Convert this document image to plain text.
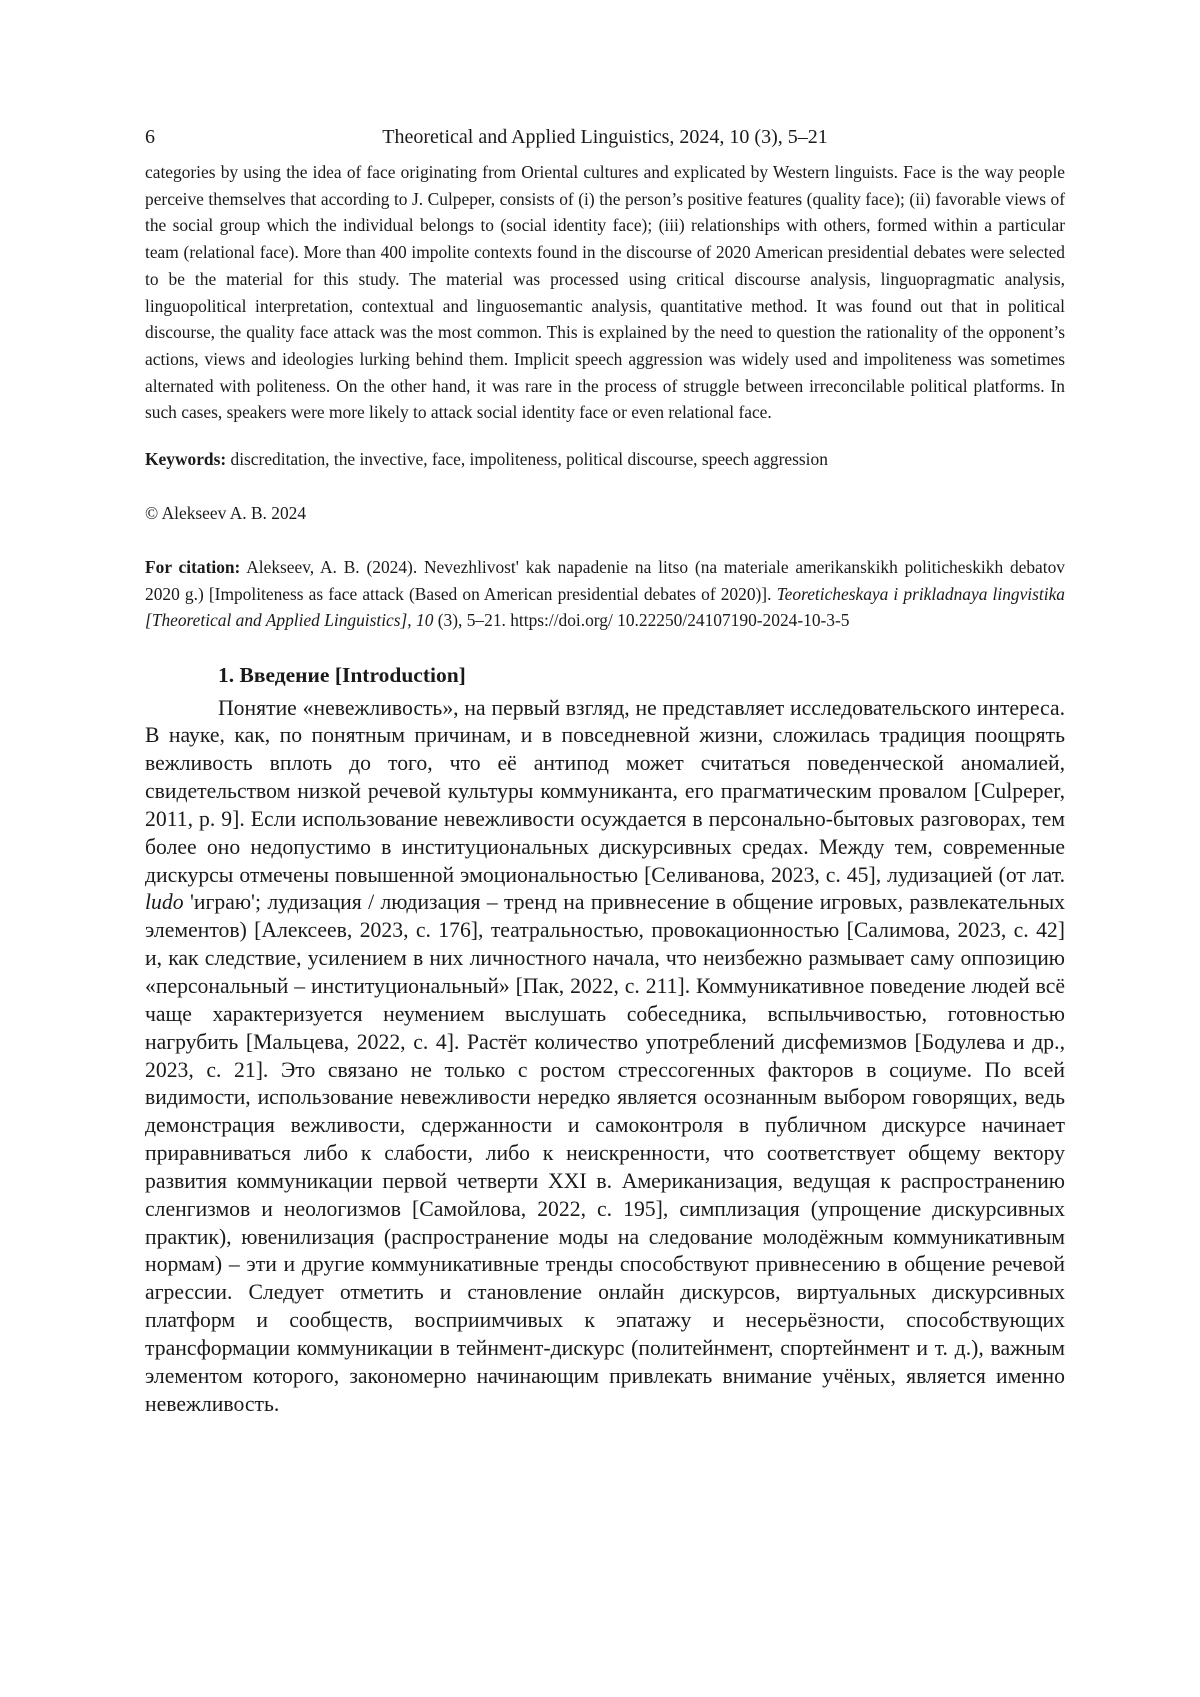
6	Theoretical and Applied Linguistics, 2024, 10 (3), 5–21

categories by using the idea of face originating from Oriental cultures and explicated by Western linguists. Face is the way people perceive themselves that according to J. Culpeper, consists of (i) the person’s positive features (quality face); (ii) favorable views of the social group which the individual belongs to (social identity face); (iii) relationships with others, formed within a particular team (relational face). More than 400 impolite contexts found in the discourse of 2020 American presidential debates were selected to be the material for this study. The material was processed using critical discourse analysis, linguopragmatic analysis, linguopolitical interpretation, contextual and linguosemantic analysis, quantitative method. It was found out that in political discourse, the quality face attack was the most common. This is explained by the need to question the rationality of the opponent’s actions, views and ideologies lurking behind them. Implicit speech aggression was widely used and impoliteness was sometimes alternated with politeness. On the other hand, it was rare in the process of struggle between irreconcilable political platforms. In such cases, speakers were more likely to attack social identity face or even relational face.

Keywords: discreditation, the invective, face, impoliteness, political discourse, speech aggression

© Alekseev A. B. 2024

For citation: Alekseev, A. B. (2024). Nevezhlivost' kak napadenie na litso (na materiale amerikanskikh politicheskikh debatov 2020 g.) [Impoliteness as face attack (Based on American presidential debates of 2020)]. Teoreticheskaya i prikladnaya lingvistika [Theoretical and Applied Linguistics], 10 (3), 5–21. https://doi.org/ 10.22250/24107190-2024-10-3-5

1. Введение [Introduction]

Понятие «невежливость», на первый взгляд, не представляет исследовательского интереса. В науке, как, по понятным причинам, и в повседневной жизни, сложилась традиция поощрять вежливость вплоть до того, что её антипод может считаться поведенческой аномалией, свидетельством низкой речевой культуры коммуниканта, его прагматическим провалом [Culpeper, 2011, p. 9]. Если использование невежливости осуждается в персонально-бытовых разговорах, тем более оно недопустимо в институциональных дискурсивных средах. Между тем, современные дискурсы отмечены повышенной эмоциональностью [Селиванова, 2023, с. 45], лудизацией (от лат. ludo 'играю'; лудизация / людизация – тренд на привнесение в общение игровых, развлекательных элементов) [Алексеев, 2023, с. 176], театральностью, провокационностью [Салимова, 2023, с. 42] и, как следствие, усилением в них личностного начала, что неизбежно размывает саму оппозицию «персональный – институциональный» [Пак, 2022, с. 211]. Коммуникативное поведение людей всё чаще характеризуется неумением выслушать собеседника, вспыльчивостью, готовностью нагрубить [Мальцева, 2022, с. 4]. Растёт количество употреблений дисфемизмов [Бодулева и др., 2023, с. 21]. Это связано не только с ростом стрессогенных факторов в социуме. По всей видимости, использование невежливости нередко является осознанным выбором говорящих, ведь демонстрация вежливости, сдержанности и самоконтроля в публичном дискурсе начинает приравниваться либо к слабости, либо к неискренности, что соответствует общему вектору развития коммуникации первой четверти XXI в. Американизация, ведущая к распространению сленгизмов и неологизмов [Самойлова, 2022, с. 195], симплизация (упрощение дискурсивных практик), ювенилизация (распространение моды на следование молодёжным коммуникативным нормам) – эти и другие коммуникативные тренды способствуют привнесению в общение речевой агрессии. Следует отметить и становление онлайн дискурсов, виртуальных дискурсивных платформ и сообществ, восприимчивых к эпатажу и несерьёзности, способствующих трансформации коммуникации в тейнмент-дискурс (политейнмент, спортейнмент и т. д.), важным элементом которого, закономерно начинающим привлекать внимание учёных, является именно невежливость.
